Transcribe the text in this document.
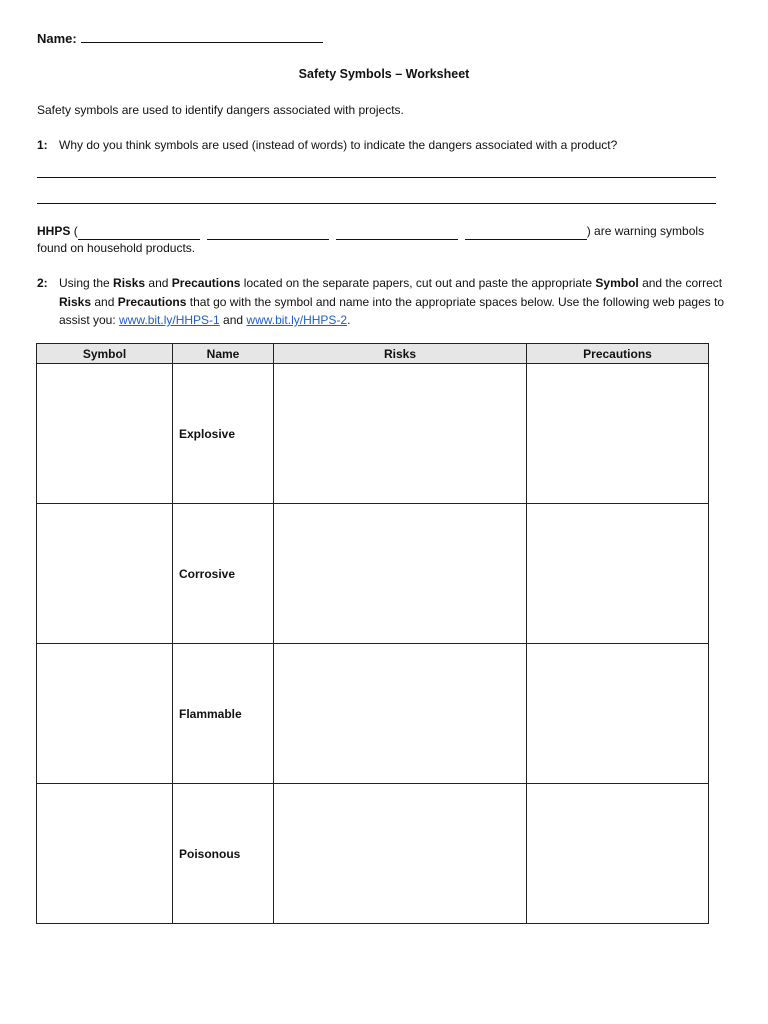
Name:
Safety Symbols – Worksheet
Safety symbols are used to identify dangers associated with projects.
1: Why do you think symbols are used (instead of words) to indicate the dangers associated with a product?
HHPS
(	) are warning symbols
found on household products.
2: Using the Risks and Precautions located on the separate papers, cut out and paste the appropriate Symbol and the correct Risks and Precautions that go with the symbol and name into the appropriate spaces below. Use the following web pages to assist you: www.bit.ly/HHPS-1 and www.bit.ly/HHPS-2.
Symbol	Name	Risks	Precautions
	Explosive		
	Corrosive		
	Flammable		
	Poisonous		
